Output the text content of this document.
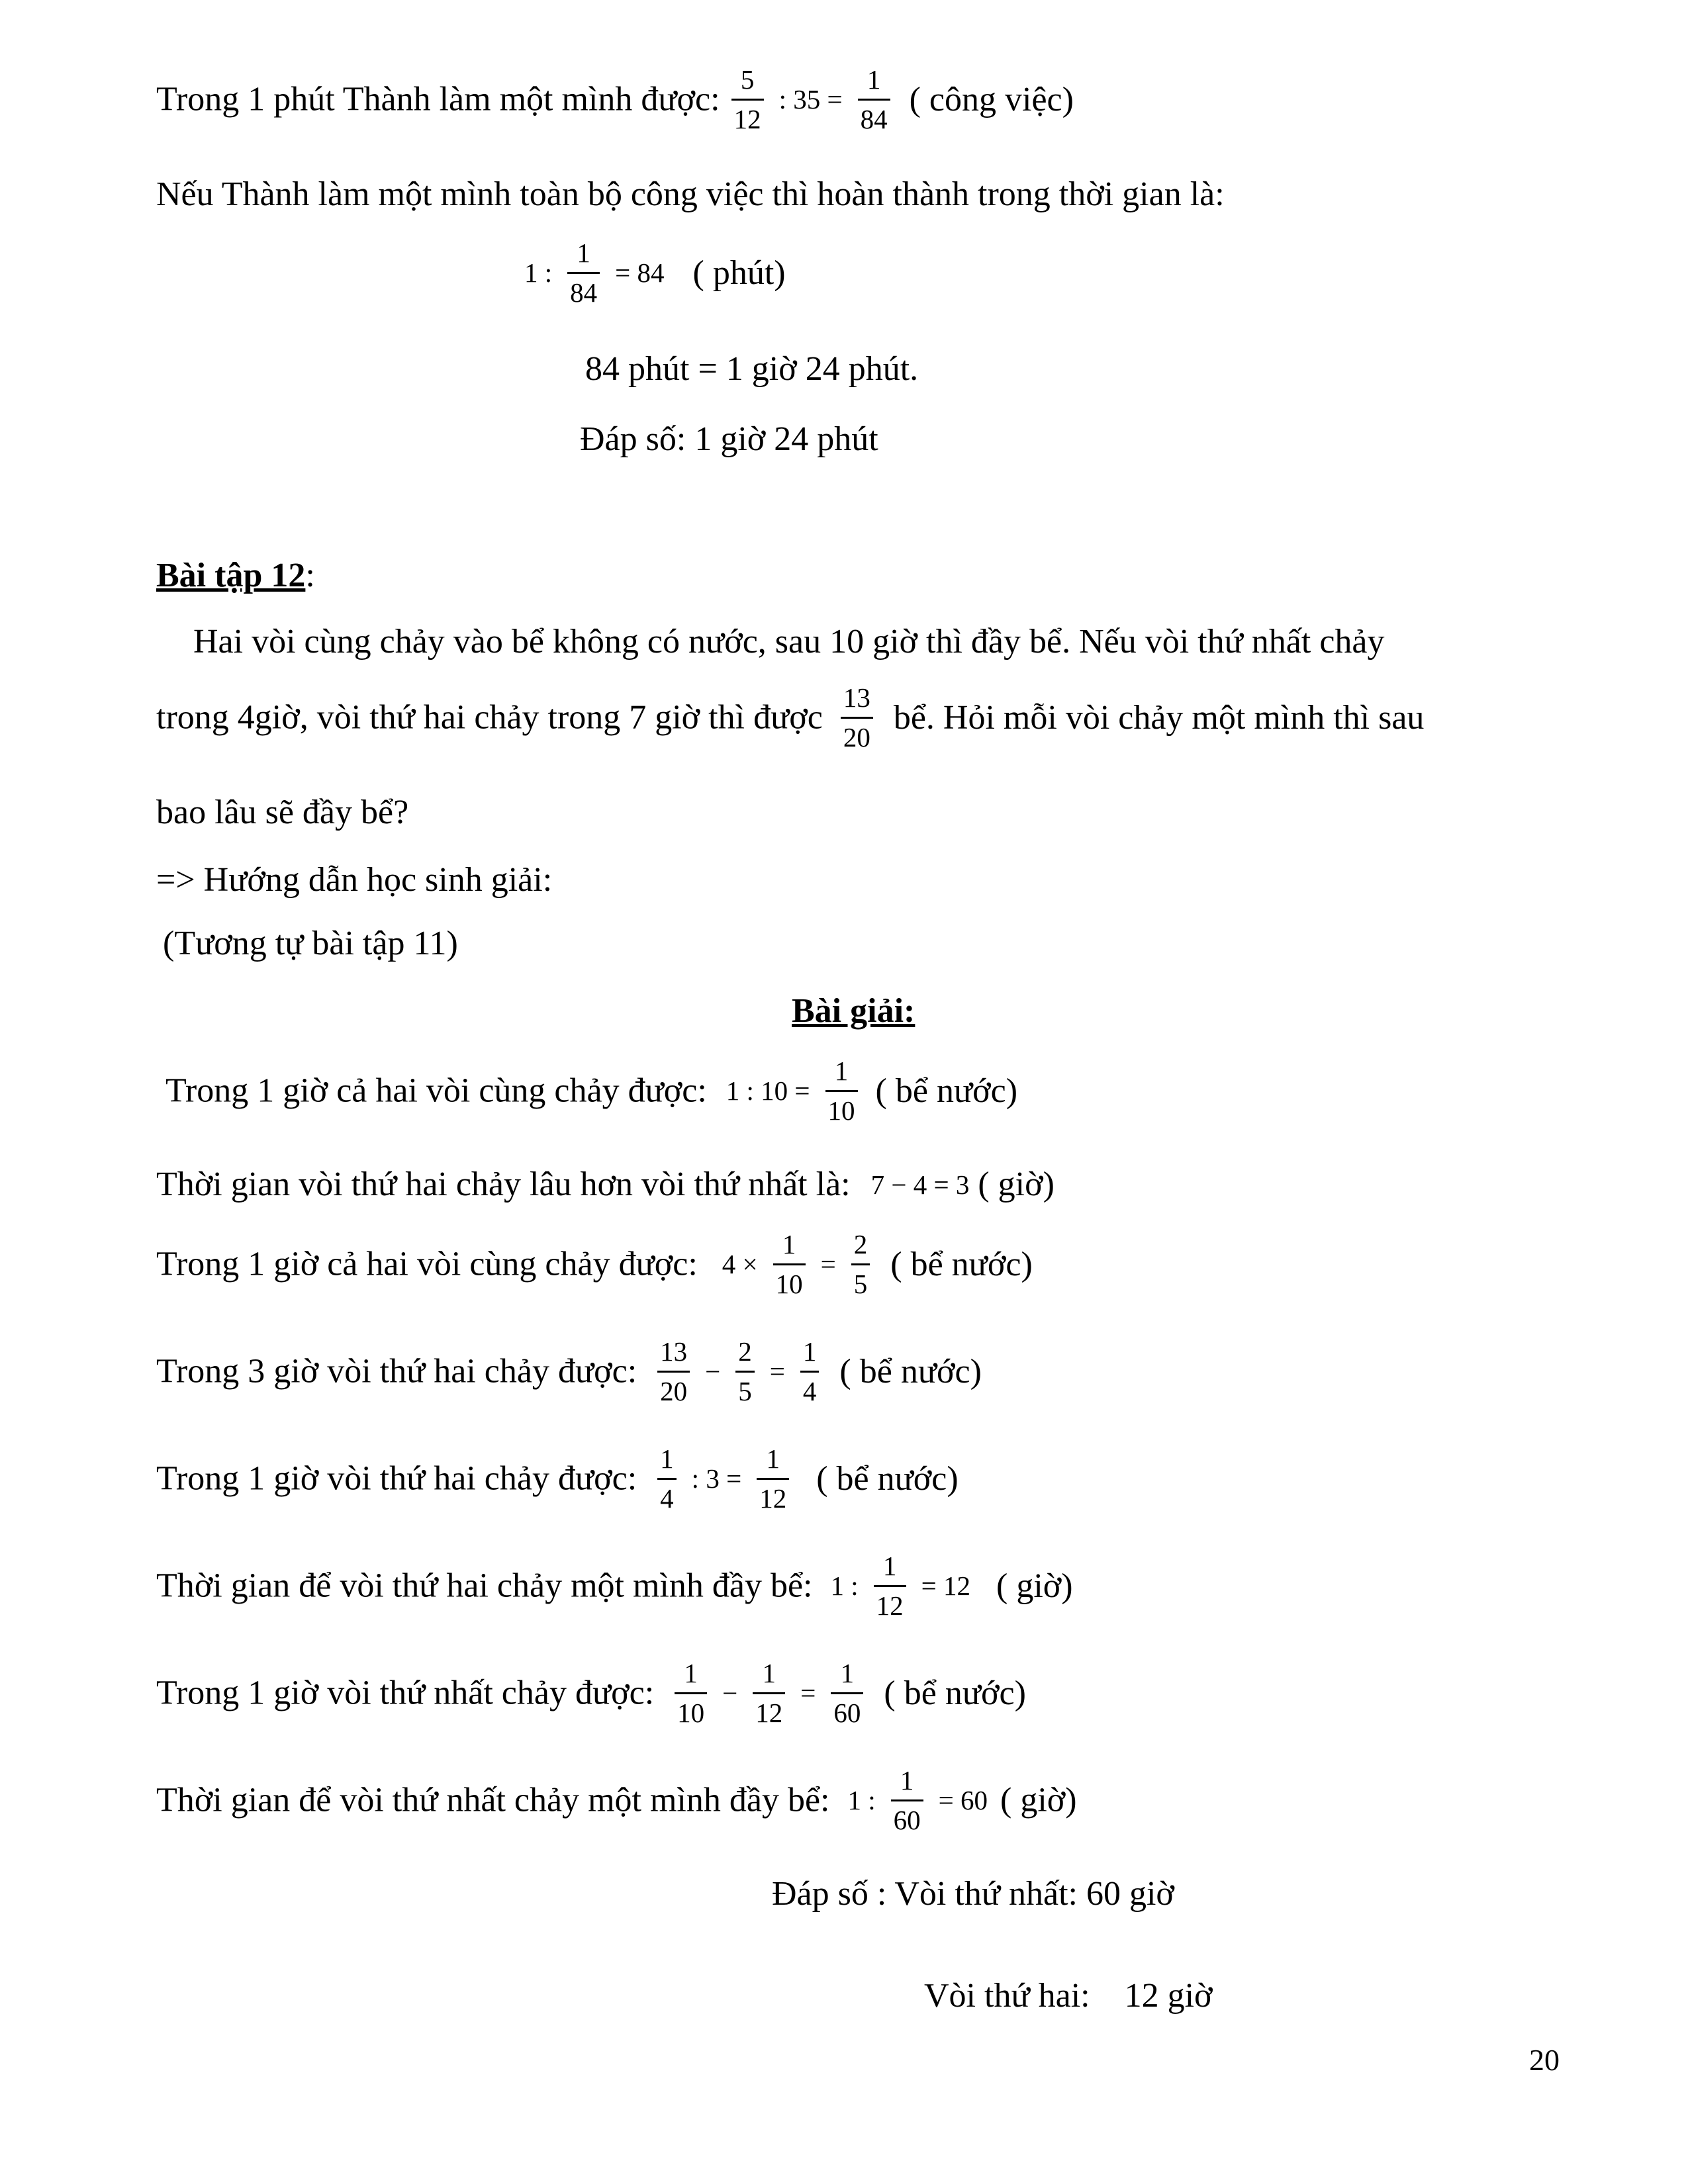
Trong 1 phút Thành làm một mình được: $\frac{5}{12}$ : $35 = \frac{1}{84}$ ( công việc)
Nếu Thành làm một mình toàn bộ công việc thì hoàn thành trong thời gian là:
1 : $\frac{1}{84} = 84$ ( phút)
84 phút = 1 giờ 24 phút.
Đáp số: 1 giờ 24 phút
Bài tập 12:
Hai vòi cùng chảy vào bể không có nước, sau 10 giờ thì đầy bể. Nếu vòi thứ nhất chảy
trong 4giờ, vòi thứ hai chảy trong 7 giờ thì được $\frac{13}{20}$ bể. Hỏi mỗi vòi chảy một mình thì sau
bao lâu sẽ đầy bể?
=> Hướng dẫn học sinh giải:
(Tương tự bài tập 11)
Bài giải:
Trong 1 giờ cả hai vòi cùng chảy được: 1 : $10 = \frac{1}{10}$ ( bể nước)
Thời gian vòi thứ hai chảy lâu hơn vòi thứ nhất là: 7 − 4 = 3 ( giờ)
Trong 1 giờ cả hai vòi cùng chảy được: $4 \times \frac{1}{10} = \frac{2}{5}$ ( bể nước)
Trong 3 giờ vòi thứ hai chảy được: $\frac{13}{20} - \frac{2}{5} = \frac{1}{4}$ ( bể nước)
Trong 1 giờ vòi thứ hai chảy được: $\frac{1}{4}$ : $3 = \frac{1}{12}$ ( bể nước)
Thời gian để vòi thứ hai chảy một mình đầy bể: 1 : $\frac{1}{12} = 12$ ( giờ)
Trong 1 giờ vòi thứ nhất chảy được: $\frac{1}{10} - \frac{1}{12} = \frac{1}{60}$ ( bể nước)
Thời gian để vòi thứ nhất chảy một mình đầy bể: 1 : $\frac{1}{60} = 60$ ( giờ)
Đáp số : Vòi thứ nhất: 60 giờ

Vòi thứ hai:    12 giờ

20
